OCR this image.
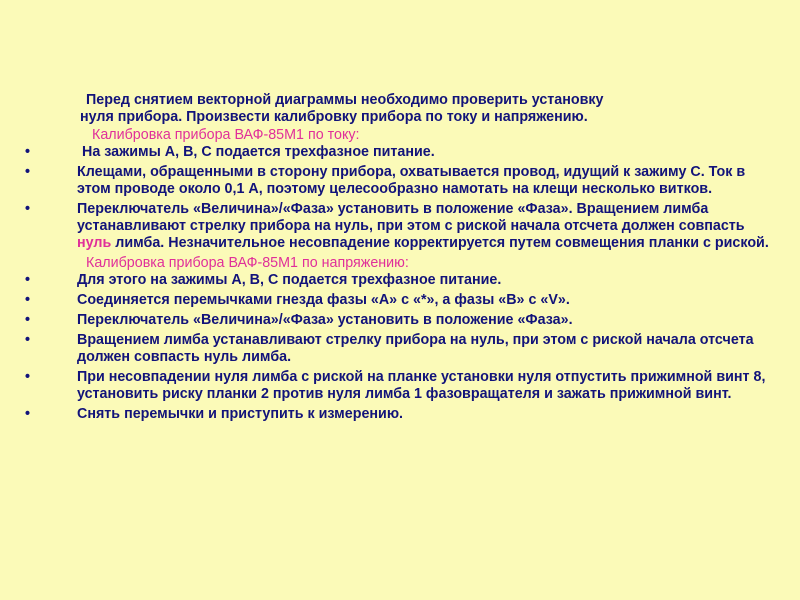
Перед снятием векторной диаграммы необходимо проверить установку
нуля прибора. Произвести калибровку прибора по току и напряжению.

Калибровка прибора ВАФ-85М1 по току:

•	На зажимы А, В, С подается трехфазное питание.
•	Клещами, обращенными в сторону прибора, охватывается провод, идущий к зажиму С. Ток в этом проводе около 0,1 А, поэтому целесообразно намотать на клещи несколько витков.
•	Переключатель «Величина»/«Фаза» установить в положение «Фаза». Вращением лимба устанавливают стрелку прибора на нуль, при этом с риской начала отсчета должен совпасть нуль лимба. Незначительное несовпадение корректируется путем совмещения планки с риской.

Калибровка прибора ВАФ-85М1 по напряжению:

•	Для этого на зажимы А, В, С подается трехфазное питание.
•	Соединяется перемычками гнезда фазы «А» с «*», а фазы «В» с «V».
•	Переключатель «Величина»/«Фаза» установить в положение «Фаза».
•	Вращением лимба устанавливают стрелку прибора на нуль, при этом с риской начала отсчета должен совпасть нуль лимба.
•	При несовпадении нуля лимба с риской на планке установки нуля отпустить прижимной винт 8, установить риску планки 2 против нуля лимба 1 фазовращателя и зажать прижимной винт.
•	Снять перемычки и приступить к измерению.
